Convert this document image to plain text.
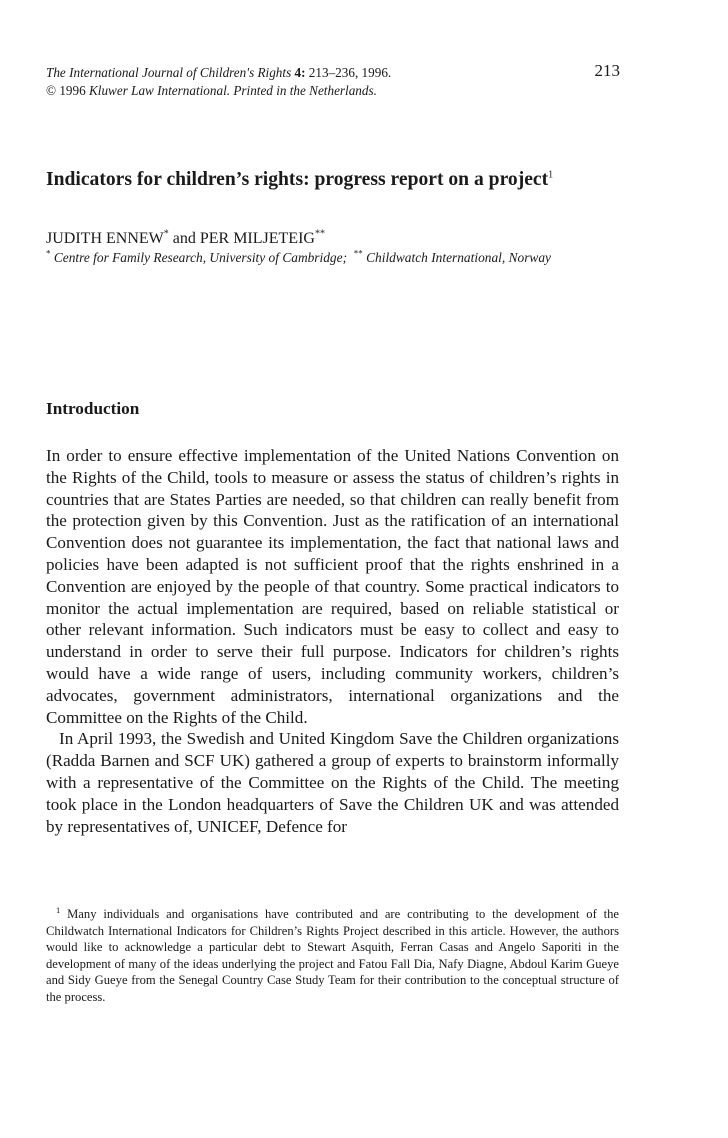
The International Journal of Children's Rights 4: 213–236, 1996.
© 1996 Kluwer Law International. Printed in the Netherlands.
213
Indicators for children’s rights: progress report on a project$^1$
JUDITH ENNEW* and PER MILJETEIG**
* Centre for Family Research, University of Cambridge; ** Childwatch International, Norway
Introduction

In order to ensure effective implementation of the United Nations Convention on the Rights of the Child, tools to measure or assess the status of children’s rights in countries that are States Parties are needed, so that children can really benefit from the protection given by this Convention. Just as the ratification of an international Convention does not guarantee its implementation, the fact that national laws and policies have been adapted is not sufficient proof that the rights enshrined in a Convention are enjoyed by the people of that country. Some practical indicators to monitor the actual implementation are required, based on reliable statistical or other relevant information. Such indicators must be easy to collect and easy to understand in order to serve their full purpose. Indicators for children’s rights would have a wide range of users, including community workers, children’s advocates, government administrators, international organizations and the Committee on the Rights of the Child.

In April 1993, the Swedish and United Kingdom Save the Children organizations (Radda Barnen and SCF UK) gathered a group of experts to brainstorm informally with a representative of the Committee on the Rights of the Child. The meeting took place in the London headquarters of Save the Children UK and was attended by representatives of, UNICEF, Defence for

$^1$ Many individuals and organisations have contributed and are contributing to the development of the Childwatch International Indicators for Children’s Rights Project described in this article. However, the authors would like to acknowledge a particular debt to Stewart Asquith, Ferran Casas and Angelo Saporiti in the development of many of the ideas underlying the project and Fatou Fall Dia, Nafy Diagne, Abdoul Karim Gueye and Sidy Gueye from the Senegal Country Case Study Team for their contribution to the conceptual structure of the process.
